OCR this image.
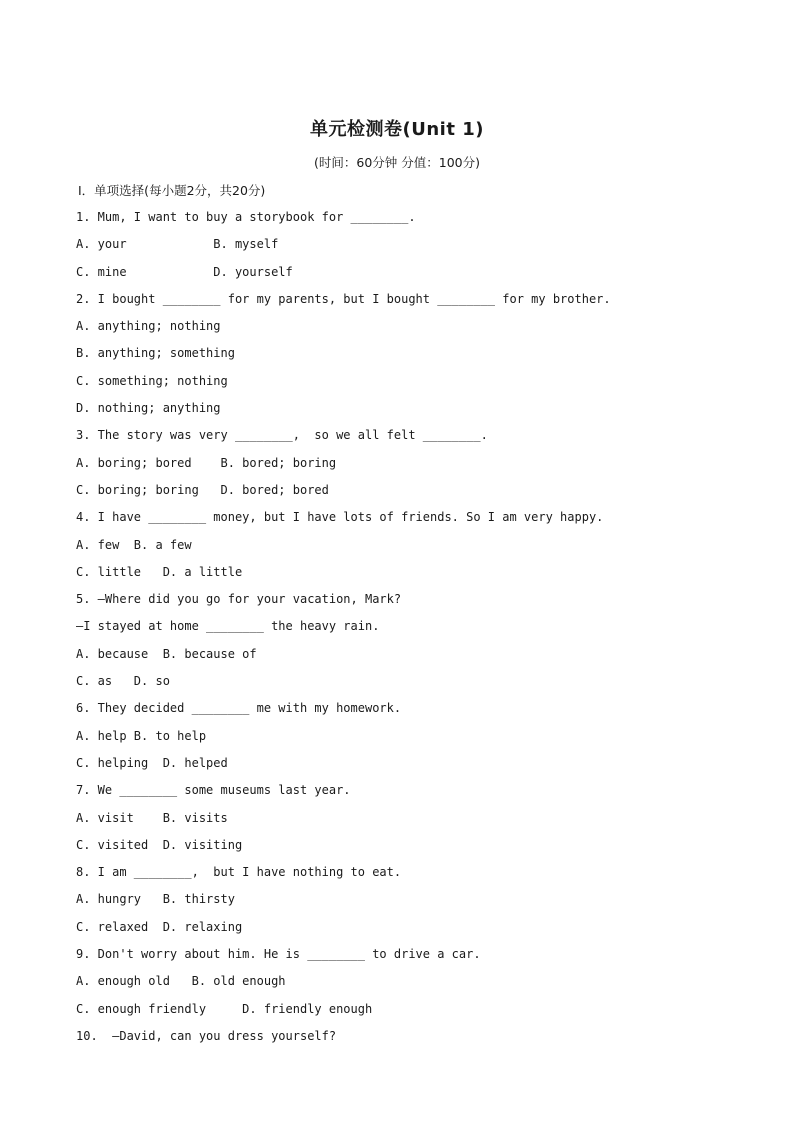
单元检测卷(Unit 1)
(时间：60分钟 分值：100分)
Ⅰ．单项选择(每小题2分，共20分)
1. Mum, I want to buy a storybook for ________.
A. your            B. myself
C. mine            D. yourself
2. I bought ________ for my parents, but I bought ________ for my brother.
A. anything; nothing
B. anything; something
C. something; nothing
D. nothing; anything
3. The story was very ________,  so we all felt ________.
A. boring; bored    B. bored; boring
C. boring; boring   D. bored; bored
4. I have ________ money, but I have lots of friends. So I am very happy.
A. few  B. a few
C. little   D. a little
5. —Where did you go for your vacation, Mark?
—I stayed at home ________ the heavy rain.
A. because  B. because of
C. as   D. so
6. They decided ________ me with my homework.
A. help B. to help
C. helping  D. helped
7. We ________ some museums last year.
A. visit    B. visits
C. visited  D. visiting
8. I am ________,  but I have nothing to eat.
A. hungry   B. thirsty
C. relaxed  D. relaxing
9. Don't worry about him. He is ________ to drive a car.
A. enough old   B. old enough
C. enough friendly     D. friendly enough
10.  —David, can you dress yourself?
